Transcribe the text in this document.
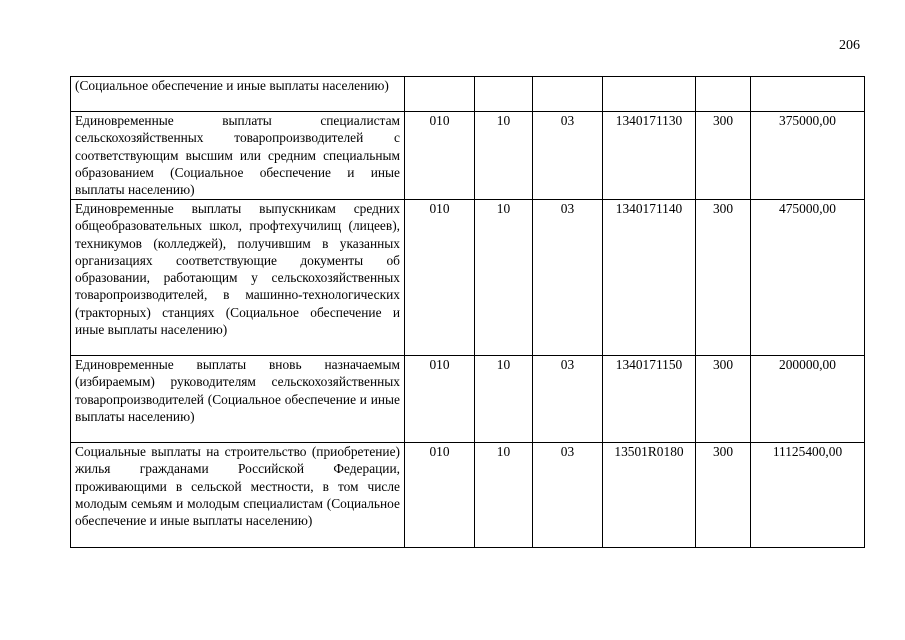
206
(Социальное обеспечение и иные выплаты населению)						
Единовременные выплаты специалистам сельскохозяйственных товаропроизводителей с соответствующим высшим или средним специальным образованием (Социальное обеспечение и иные выплаты населению)	010	10	03	1340171130	300	375000,00
Единовременные выплаты выпускникам средних общеобразовательных школ, профтехучилищ (лицеев), техникумов (колледжей), получившим в указанных организациях соответствующие документы об образовании, работающим у сельскохозяйственных товаропроизводителей, в машинно-технологических (тракторных) станциях (Социальное обеспечение и иные выплаты населению)	010	10	03	1340171140	300	475000,00
Единовременные выплаты вновь назначаемым (избираемым) руководителям сельскохозяйственных товаропроизводителей (Социальное обеспечение и иные выплаты населению)	010	10	03	1340171150	300	200000,00
Социальные выплаты на строительство (приобретение) жилья гражданами Российской Федерации, проживающими в сельской местности, в том числе молодым семьям и молодым специалистам (Социальное обеспечение и иные выплаты населению)	010	10	03	13501R0180	300	11125400,00
